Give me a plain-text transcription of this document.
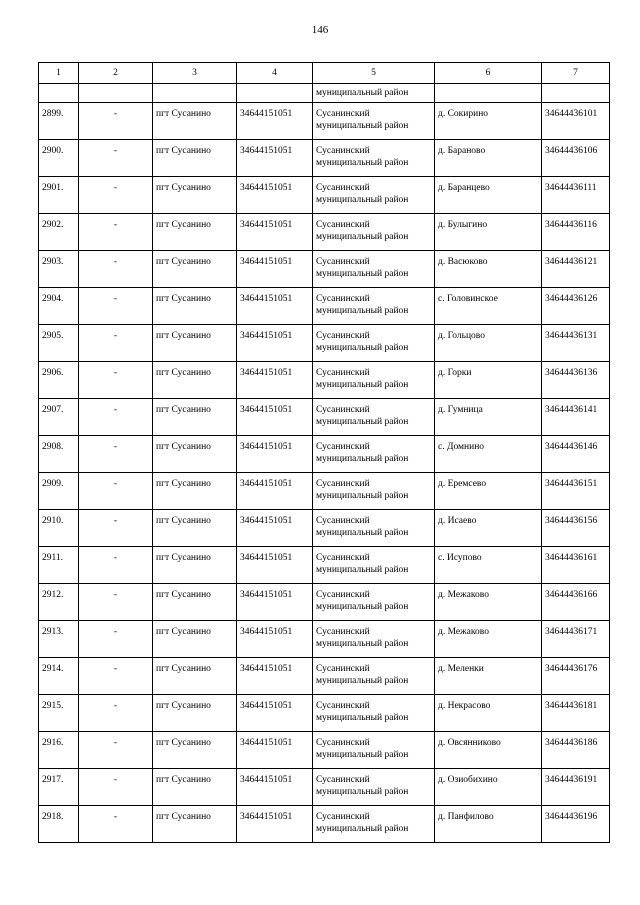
146
1	2	3	4	5	6	7
				муниципальный район		
2899.	-	пгт Сусанино	34644151051	Сусанинский
муниципальный район	д. Сокирино	34644436101
2900.	-	пгт Сусанино	34644151051	Сусанинский
муниципальный район	д. Бараново	34644436106
2901.	-	пгт Сусанино	34644151051	Сусанинский
муниципальный район	д. Баранцево	34644436111
2902.	-	пгт Сусанино	34644151051	Сусанинский
муниципальный район	д. Булыгино	34644436116
2903.	-	пгт Сусанино	34644151051	Сусанинский
муниципальный район	д. Васюково	34644436121
2904.	-	пгт Сусанино	34644151051	Сусанинский
муниципальный район	с. Головинское	34644436126
2905.	-	пгт Сусанино	34644151051	Сусанинский
муниципальный район	д. Гольцово	34644436131
2906.	-	пгт Сусанино	34644151051	Сусанинский
муниципальный район	д. Горки	34644436136
2907.	-	пгт Сусанино	34644151051	Сусанинский
муниципальный район	д. Гумница	34644436141
2908.	-	пгт Сусанино	34644151051	Сусанинский
муниципальный район	с. Домнино	34644436146
2909.	-	пгт Сусанино	34644151051	Сусанинский
муниципальный район	д. Еремсево	34644436151
2910.	-	пгт Сусанино	34644151051	Сусанинский
муниципальный район	д. Исаево	34644436156
2911.	-	пгт Сусанино	34644151051	Сусанинский
муниципальный район	с. Исупово	34644436161
2912.	-	пгт Сусанино	34644151051	Сусанинский
муниципальный район	д. Межаково	34644436166
2913.	-	пгт Сусанино	34644151051	Сусанинский
муниципальный район	д. Межаково	34644436171
2914.	-	пгт Сусанино	34644151051	Сусанинский
муниципальный район	д. Меленки	34644436176
2915.	-	пгт Сусанино	34644151051	Сусанинский
муниципальный район	д. Некрасово	34644436181
2916.	-	пгт Сусанино	34644151051	Сусанинский
муниципальный район	д. Овсянниково	34644436186
2917.	-	пгт Сусанино	34644151051	Сусанинский
муниципальный район	д. Озиобихино	34644436191
2918.	-	пгт Сусанино	34644151051	Сусанинский
муниципальный район	д. Панфилово	34644436196
